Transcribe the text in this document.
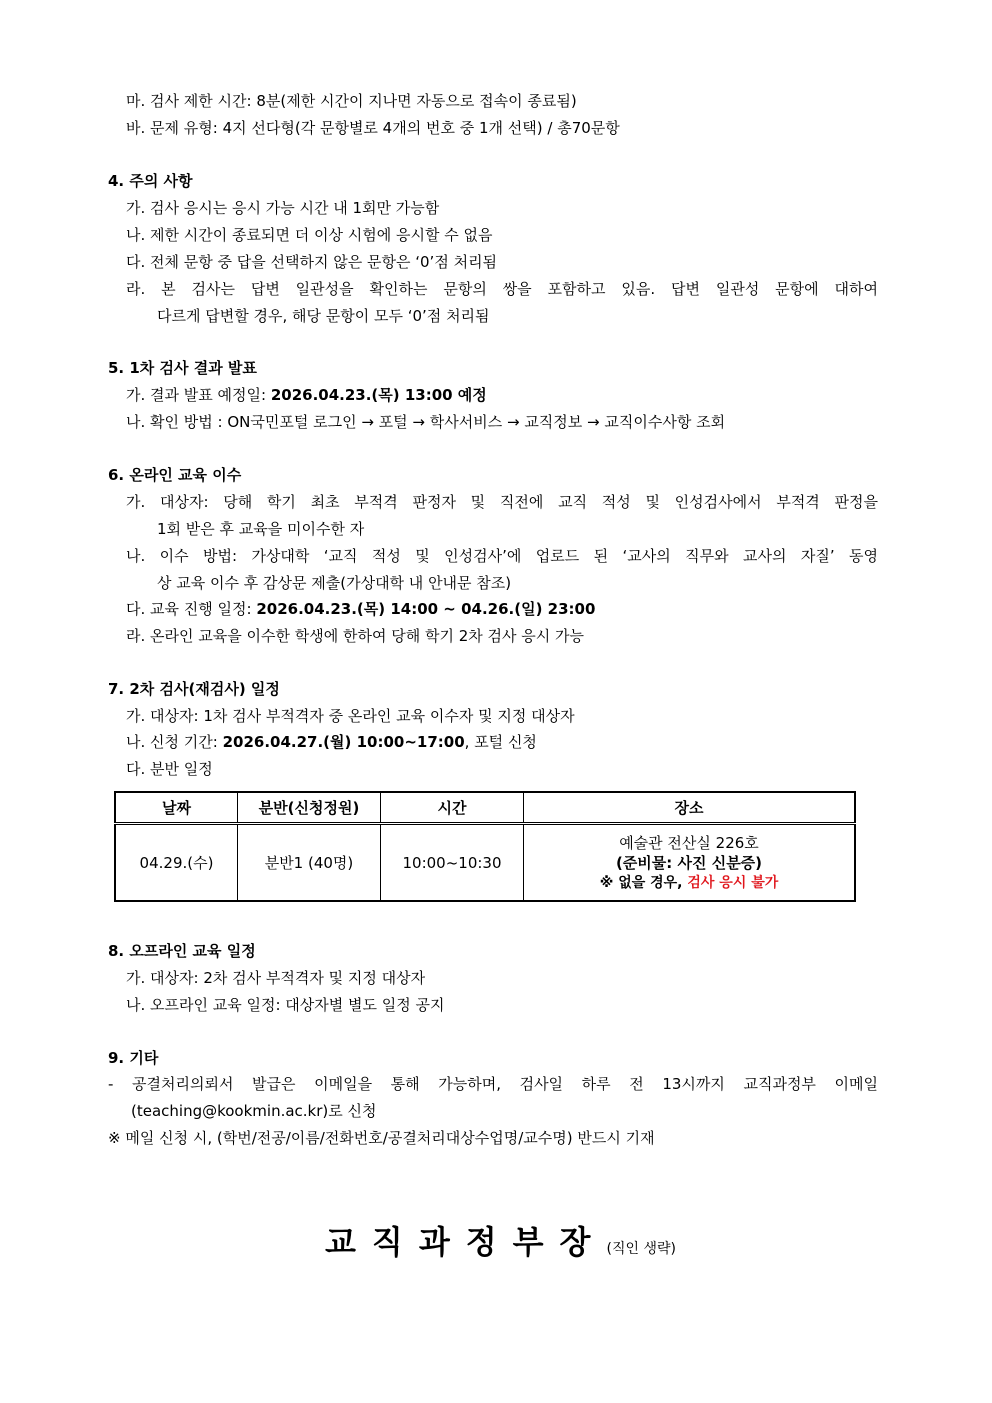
마. 검사 제한 시간: 8분(제한 시간이 지나면 자동으로 접속이 종료됨)
바. 문제 유형: 4지 선다형(각 문항별로 4개의 번호 중 1개 선택) / 총70문항
4. 주의 사항
가. 검사 응시는 응시 가능 시간 내 1회만 가능함
나. 제한 시간이 종료되면 더 이상 시험에 응시할 수 없음
다. 전체 문항 중 답을 선택하지 않은 문항은 ‘0’점 처리됨
라. 본 검사는 답변 일관성을 확인하는 문항의 쌍을 포함하고 있음. 답변 일관성 문항에 대하여
다르게 답변할 경우, 해당 문항이 모두 ‘0’점 처리됨
5. 1차 검사 결과 발표
가. 결과 발표 예정일: 2026.04.23.(목) 13:00 예정
나. 확인 방법 : ON국민포털 로그인 → 포털 → 학사서비스 → 교직정보 → 교직이수사항 조회
6. 온라인 교육 이수
가. 대상자: 당해 학기 최초 부적격 판정자 및 직전에 교직 적성 및 인성검사에서 부적격 판정을
1회 받은 후 교육을 미이수한 자
나. 이수 방법: 가상대학 ‘교직 적성 및 인성검사’에 업로드 된 ‘교사의 직무와 교사의 자질’ 동영
상 교육 이수 후 감상문 제출(가상대학 내 안내문 참조)
다. 교육 진행 일정: 2026.04.23.(목) 14:00 ~ 04.26.(일) 23:00
라. 온라인 교육을 이수한 학생에 한하여 당해 학기 2차 검사 응시 가능
7. 2차 검사(재검사) 일정
가. 대상자: 1차 검사 부적격자 중 온라인 교육 이수자 및 지정 대상자
나. 신청 기간: 2026.04.27.(월) 10:00~17:00, 포털 신청
다. 분반 일정
날짜	분반(신청정원)	시간	장소
04.29.(수)	분반1 (40명)	10:00~10:30	예술관 전산실 226호
(준비물: 사진 신분증)
※ 없을 경우, 검사 응시 불가
8. 오프라인 교육 일정
가. 대상자: 2차 검사 부적격자 및 지정 대상자
나. 오프라인 교육 일정: 대상자별 별도 일정 공지
9. 기타
- 공결처리의뢰서 발급은 이메일을 통해 가능하며, 검사일 하루 전 13시까지 교직과정부 이메일
(teaching@kookmin.ac.kr)로 신청
※ 메일 신청 시, (학번/전공/이름/전화번호/공결처리대상수업명/교수명) 반드시 기재
교직과정부장(직인 생략)
